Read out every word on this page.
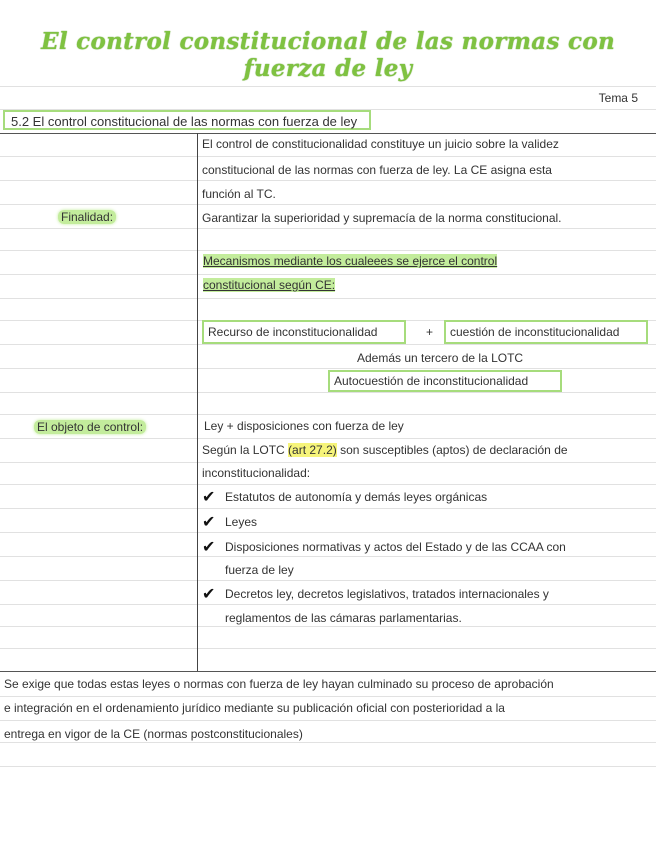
El control constitucional de las normas con fuerza de ley
Tema 5
5.2 El control constitucional de las normas con fuerza de ley
El control de constitucionalidad constituye un juicio sobre la validez
constitucional de las normas con fuerza de ley. La CE asigna esta
función al TC.
Finalidad:	Garantizar la superioridad y supremacía de la norma constitucional.
Mecanismos mediante los cualeees se ejerce el control
constitucional según CE:
Recurso de inconstitucionalidad	+	cuestión de inconstitucionalidad
Además un tercero de la LOTC
Autocuestión de inconstitucionalidad
El objeto de control:	Ley + disposiciones con fuerza de ley
Según la LOTC (art 27.2) son susceptibles (aptos) de declaración de
inconstitucionalidad:
✔ Estatutos de autonomía y demás leyes orgánicas
✔ Leyes
✔ Disposiciones normativas y actos del Estado y de las CCAA con
fuerza de ley
✔ Decretos ley, decretos legislativos, tratados internacionales y
reglamentos de las cámaras parlamentarias.
Se exige que todas estas leyes o normas con fuerza de ley hayan culminado su proceso de aprobación
e integración en el ordenamiento jurídico mediante su publicación oficial con posterioridad a la
entrega en vigor de la CE (normas postconstitucionales)
